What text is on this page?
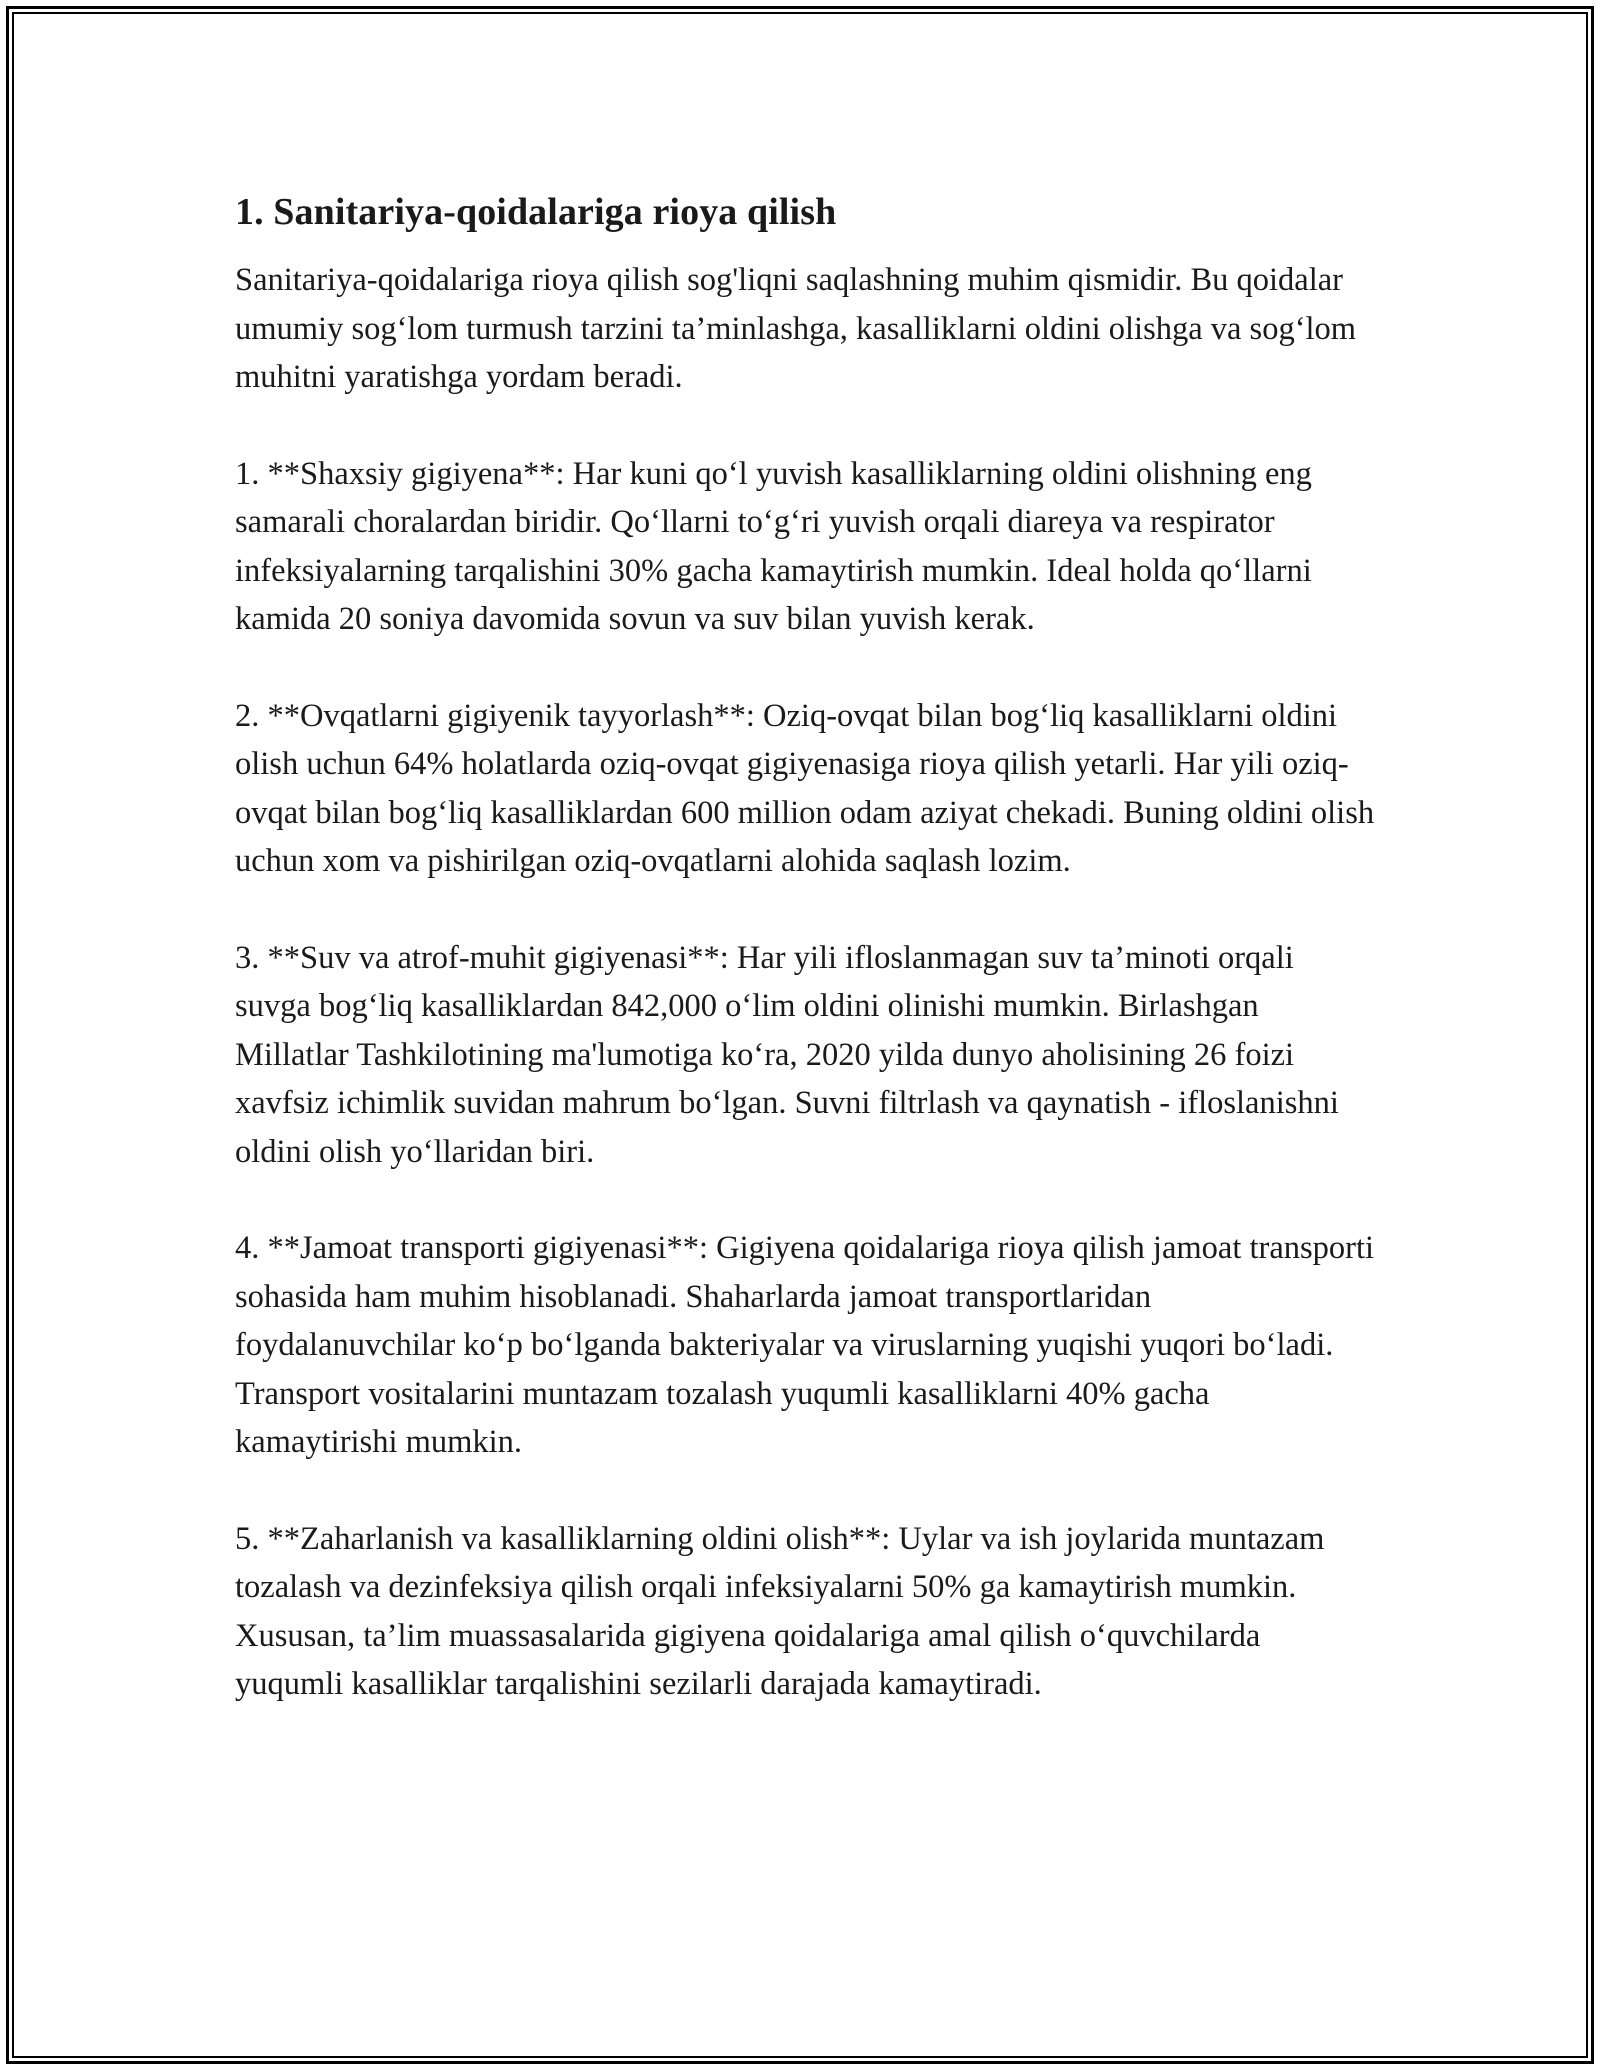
1. Sanitariya-qoidalariga rioya qilish

Sanitariya-qoidalariga rioya qilish sog'liqni saqlashning muhim qismidir. Bu qoidalar umumiy sog‘lom turmush tarzini ta’minlashga, kasalliklarni oldini olishga va sog‘lom muhitni yaratishga yordam beradi.

1. **Shaxsiy gigiyena**: Har kuni qo‘l yuvish kasalliklarning oldini olishning eng samarali choralardan biridir. Qo‘llarni to‘g‘ri yuvish orqali diareya va respirator infeksiyalarning tarqalishini 30% gacha kamaytirish mumkin. Ideal holda qo‘llarni kamida 20 soniya davomida sovun va suv bilan yuvish kerak.

2. **Ovqatlarni gigiyenik tayyorlash**: Oziq-ovqat bilan bog‘liq kasalliklarni oldini olish uchun 64% holatlarda oziq-ovqat gigiyenasiga rioya qilish yetarli. Har yili oziq-ovqat bilan bog‘liq kasalliklardan 600 million odam aziyat chekadi. Buning oldini olish uchun xom va pishirilgan oziq-ovqatlarni alohida saqlash lozim.

3. **Suv va atrof-muhit gigiyenasi**: Har yili ifloslanmagan suv ta’minoti orqali suvga bog‘liq kasalliklardan 842,000 o‘lim oldini olinishi mumkin. Birlashgan Millatlar Tashkilotining ma'lumotiga ko‘ra, 2020 yilda dunyo aholisining 26 foizi xavfsiz ichimlik suvidan mahrum bo‘lgan. Suvni filtrlash va qaynatish - ifloslanishni oldini olish yo‘llaridan biri.

4. **Jamoat transporti gigiyenasi**: Gigiyena qoidalariga rioya qilish jamoat transporti sohasida ham muhim hisoblanadi. Shaharlarda jamoat transportlaridan foydalanuvchilar ko‘p bo‘lganda bakteriyalar va viruslarning yuqishi yuqori bo‘ladi. Transport vositalarini muntazam tozalash yuqumli kasalliklarni 40% gacha kamaytirishi mumkin.

5. **Zaharlanish va kasalliklarning oldini olish**: Uylar va ish joylarida muntazam tozalash va dezinfeksiya qilish orqali infeksiyalarni 50% ga kamaytirish mumkin. Xususan, ta’lim muassasalarida gigiyena qoidalariga amal qilish o‘quvchilarda yuqumli kasalliklar tarqalishini sezilarli darajada kamaytiradi.
